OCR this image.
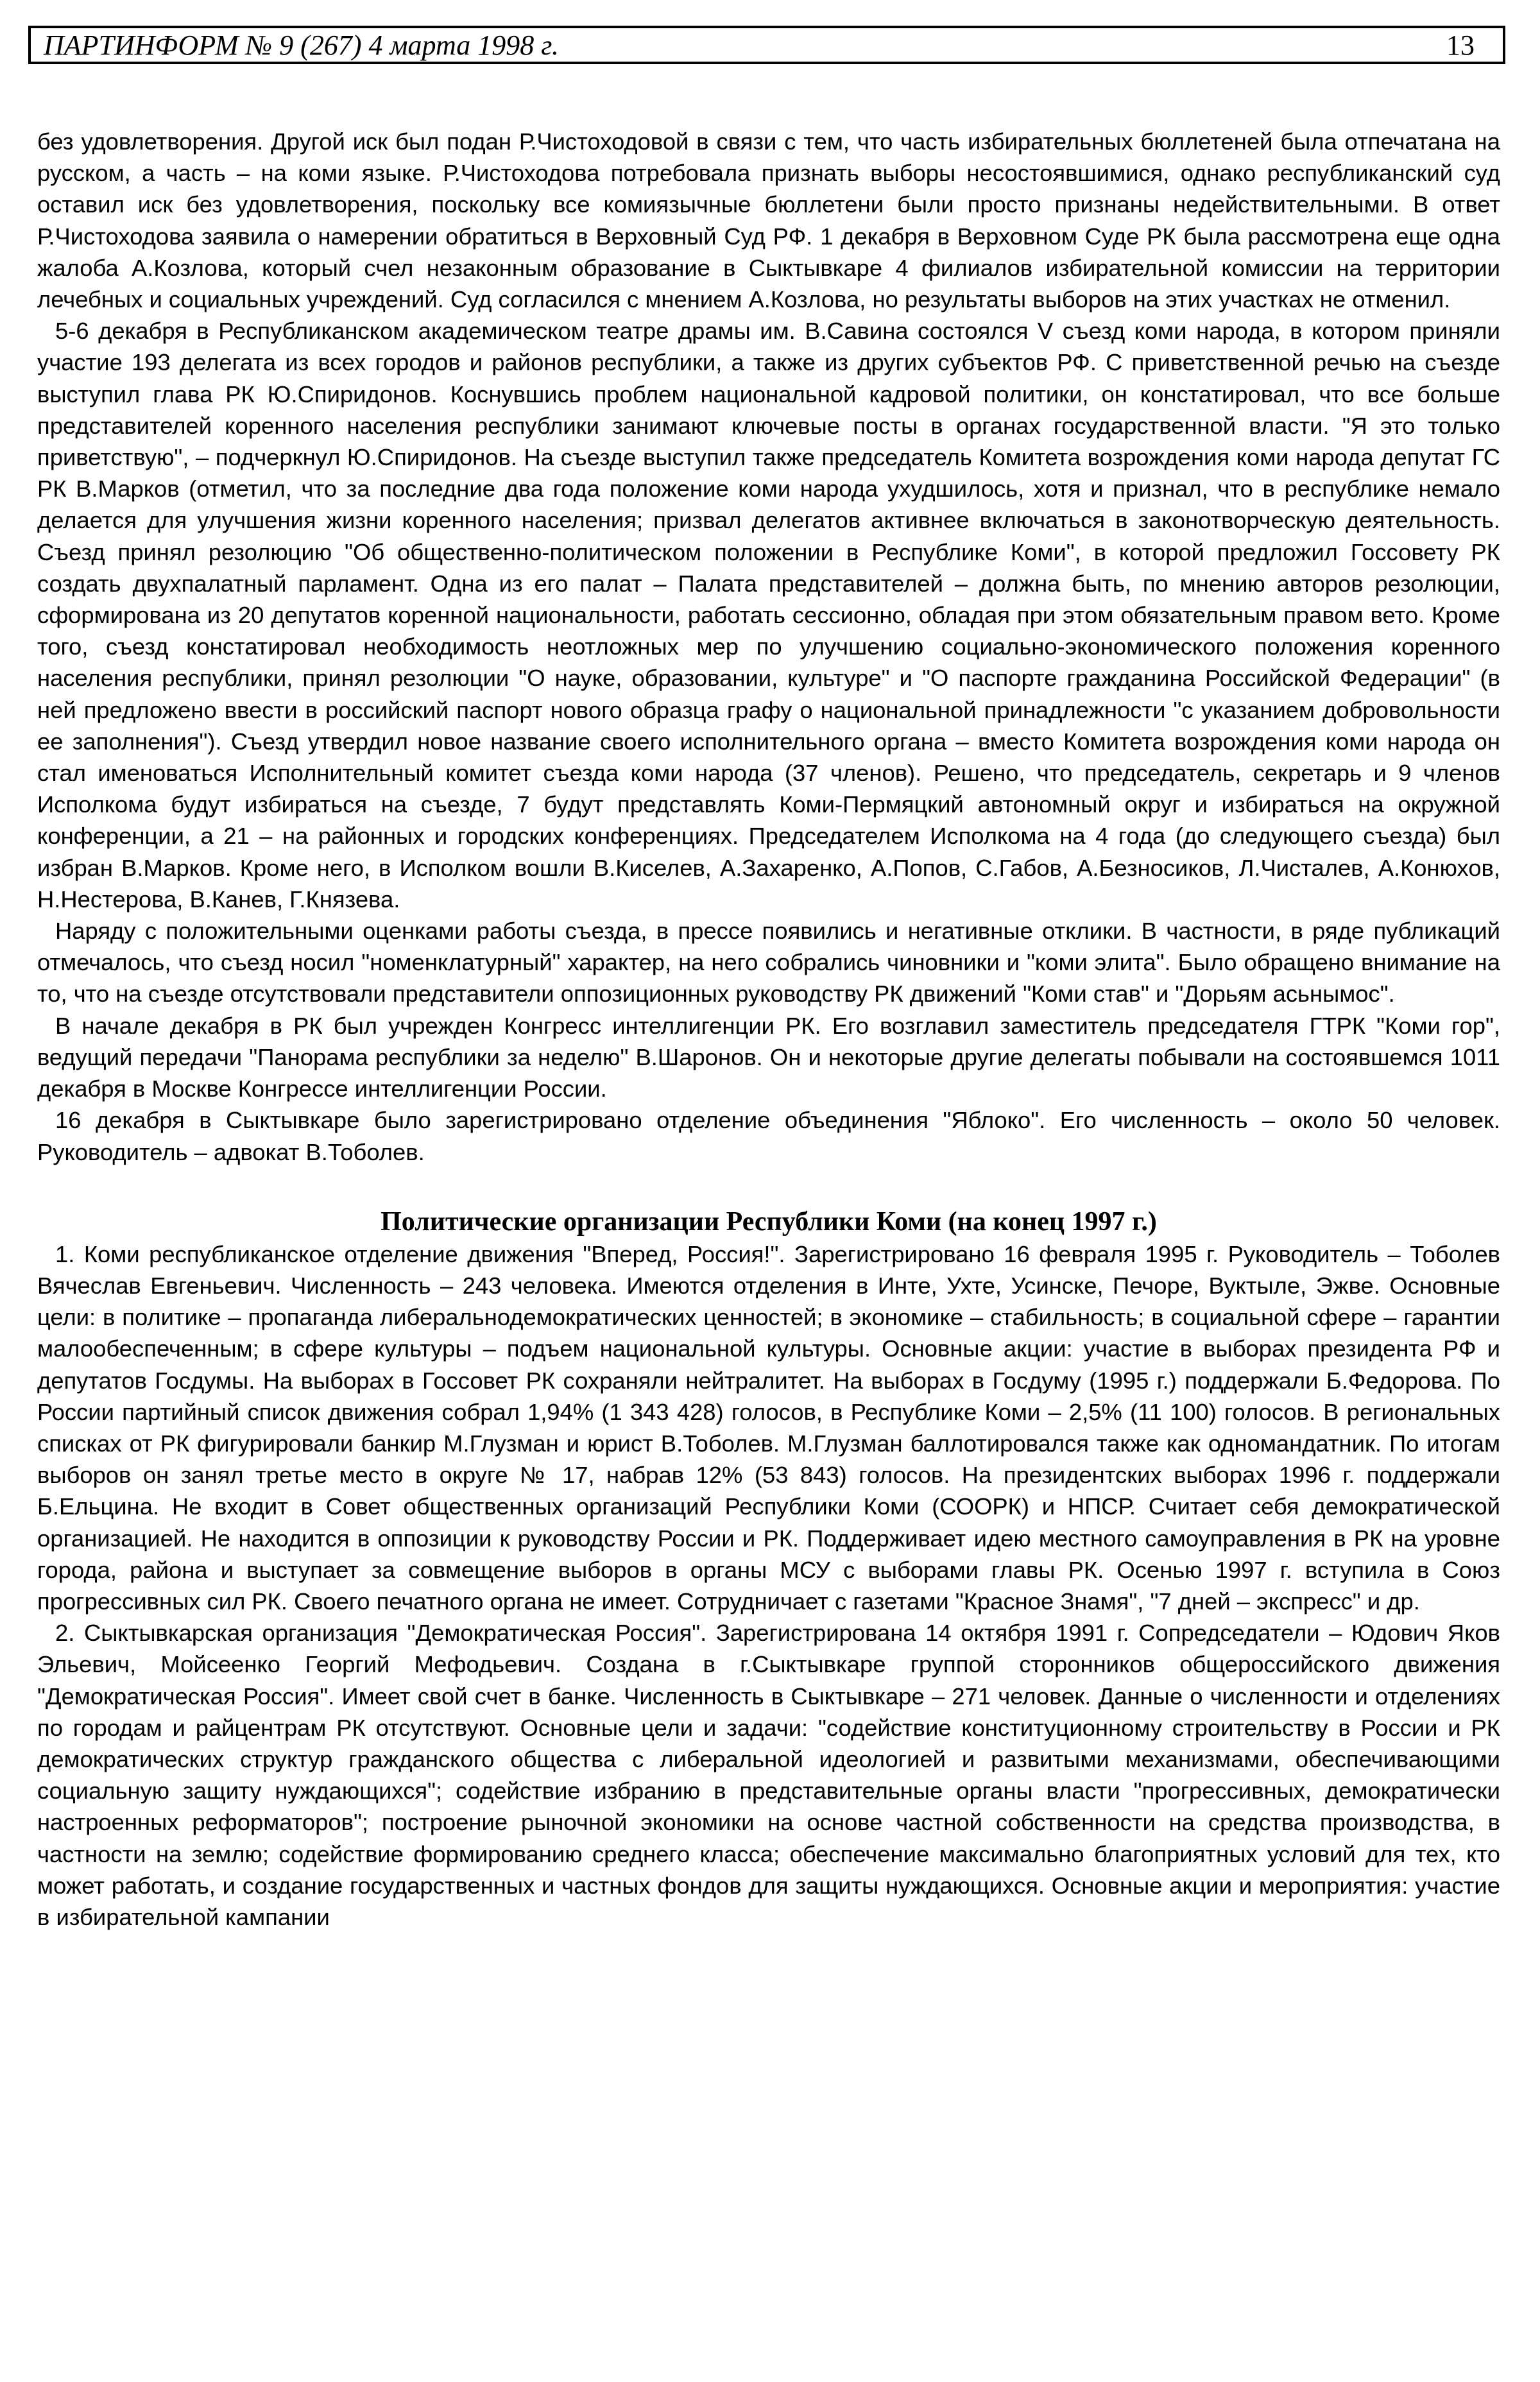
ПАРТИНФОРМ № 9 (267) 4 марта 1998 г.	13

без удовлетворения. Другой иск был подан Р.Чистоходовой в связи с тем, что часть избирательных бюллетеней была отпечатана на русском, а часть – на коми языке. Р.Чистоходова потребовала признать выборы несостоявшимися, однако республиканский суд оставил иск без удовлетворения, поскольку все комиязычные бюллетени были просто признаны недействительными. В ответ Р.Чистоходова заявила о намерении обратиться в Верховный Суд РФ. 1 декабря в Верховном Суде РК была рассмотрена еще одна жалоба А.Козлова, который счел незаконным образование в Сыктывкаре 4 филиалов избирательной комиссии на территории лечебных и социальных учреждений. Суд согласился с мнением А.Козлова, но результаты выборов на этих участках не отменил.

5-6 декабря в Республиканском академическом театре драмы им. В.Савина состоялся V съезд коми народа, в котором приняли участие 193 делегата из всех городов и районов республики, а также из других субъектов РФ. С приветственной речью на съезде выступил глава РК Ю.Спиридонов. Коснувшись проблем национальной кадровой политики, он констатировал, что все больше представителей коренного населения республики занимают ключевые посты в органах государственной власти. "Я это только приветствую", – подчеркнул Ю.Спиридонов. На съезде выступил также председатель Комитета возрождения коми народа депутат ГС РК В.Марков (отметил, что за последние два года положение коми народа ухудшилось, хотя и признал, что в республике немало делается для улучшения жизни коренного населения; призвал делегатов активнее включаться в законотворческую деятельность. Съезд принял резолюцию "Об общественно-политическом положении в Республике Коми", в которой предложил Госсовету РК создать двухпалатный парламент. Одна из его палат – Палата представителей – должна быть, по мнению авторов резолюции, сформирована из 20 депутатов коренной национальности, работать сессионно, обладая при этом обязательным правом вето. Кроме того, съезд констатировал необходимость неотложных мер по улучшению социально-экономического положения коренного населения республики, принял резолюции "О науке, образовании, культуре" и "О паспорте гражданина Российской Федерации" (в ней предложено ввести в российский паспорт нового образца графу о национальной принадлежности "с указанием добровольности ее заполнения"). Съезд утвердил новое название своего исполнительного органа – вместо Комитета возрождения коми народа он стал именоваться Исполнительный комитет съезда коми народа (37 членов). Решено, что председатель, секретарь и 9 членов Исполкома будут избираться на съезде, 7 будут представлять Коми-Пермяцкий автономный округ и избираться на окружной конференции, а 21 – на районных и городских конференциях. Председателем Исполкома на 4 года (до следующего съезда) был избран В.Марков. Кроме него, в Исполком вошли В.Киселев, А.Захаренко, А.Попов, С.Габов, А.Безносиков, Л.Чисталев, А.Конюхов, Н.Нестерова, В.Канев, Г.Князева.

Наряду с положительными оценками работы съезда, в прессе появились и негативные отклики. В частности, в ряде публикаций отмечалось, что съезд носил "номенклатурный" характер, на него собрались чиновники и "коми элита". Было обращено внимание на то, что на съезде отсутствовали представители оппозиционных руководству РК движений "Коми став" и "Дорьям асьнымос".

В начале декабря в РК был учрежден Конгресс интеллигенции РК. Его возглавил заместитель председателя ГТРК "Коми гор", ведущий передачи "Панорама республики за неделю" В.Шаронов. Он и некоторые другие делегаты побывали на состоявшемся 1011 декабря в Москве Конгрессе интеллигенции России.

16 декабря в Сыктывкаре было зарегистрировано отделение объединения "Яблоко". Его численность – около 50 человек. Руководитель – адвокат В.Тоболев.

Политические организации Республики Коми (на конец 1997 г.)

1. Коми республиканское отделение движения "Вперед, Россия!". Зарегистрировано 16 февраля 1995 г. Руководитель – Тоболев Вячеслав Евгеньевич. Численность – 243 человека. Имеются отделения в Инте, Ухте, Усинске, Печоре, Вуктыле, Эжве. Основные цели: в политике – пропаганда либеральнодемократических ценностей; в экономике – стабильность; в социальной сфере – гарантии малообеспеченным; в сфере культуры – подъем национальной культуры. Основные акции: участие в выборах президента РФ и депутатов Госдумы. На выборах в Госсовет РК сохраняли нейтралитет. На выборах в Госдуму (1995 г.) поддержали Б.Федорова. По России партийный список движения собрал 1,94% (1 343 428) голосов, в Республике Коми – 2,5% (11 100) голосов. В региональных списках от РК фигурировали банкир М.Глузман и юрист В.Тоболев. М.Глузман баллотировался также как одномандатник. По итогам выборов он занял третье место в округе № 17, набрав 12% (53 843) голосов. На президентских выборах 1996 г. поддержали Б.Ельцина. Не входит в Совет общественных организаций Республики Коми (СООРК) и НПСР. Считает себя демократической организацией. Не находится в оппозиции к руководству России и РК. Поддерживает идею местного самоуправления в РК на уровне города, района и выступает за совмещение выборов в органы МСУ с выборами главы РК. Осенью 1997 г. вступила в Союз прогрессивных сил РК. Своего печатного органа не имеет. Сотрудничает с газетами "Красное Знамя", "7 дней – экспресс" и др.

2. Сыктывкарская организация "Демократическая Россия". Зарегистрирована 14 октября 1991 г. Сопредседатели – Юдович Яков Эльевич, Мойсеенко Георгий Мефодьевич. Создана в г.Сыктывкаре группой сторонников общероссийского движения "Демократическая Россия". Имеет свой счет в банке. Численность в Сыктывкаре – 271 человек. Данные о численности и отделениях по городам и райцентрам РК отсутствуют. Основные цели и задачи: "содействие конституционному строительству в России и РК демократических структур гражданского общества с либеральной идеологией и развитыми механизмами, обеспечивающими социальную защиту нуждающихся"; содействие избранию в представительные органы власти "прогрессивных, демократически настроенных реформаторов"; построение рыночной экономики на основе частной собственности на средства производства, в частности на землю; содействие формированию среднего класса; обеспечение максимально благоприятных условий для тех, кто может работать, и создание государственных и частных фондов для защиты нуждающихся. Основные акции и мероприятия: участие в избирательной кампании
